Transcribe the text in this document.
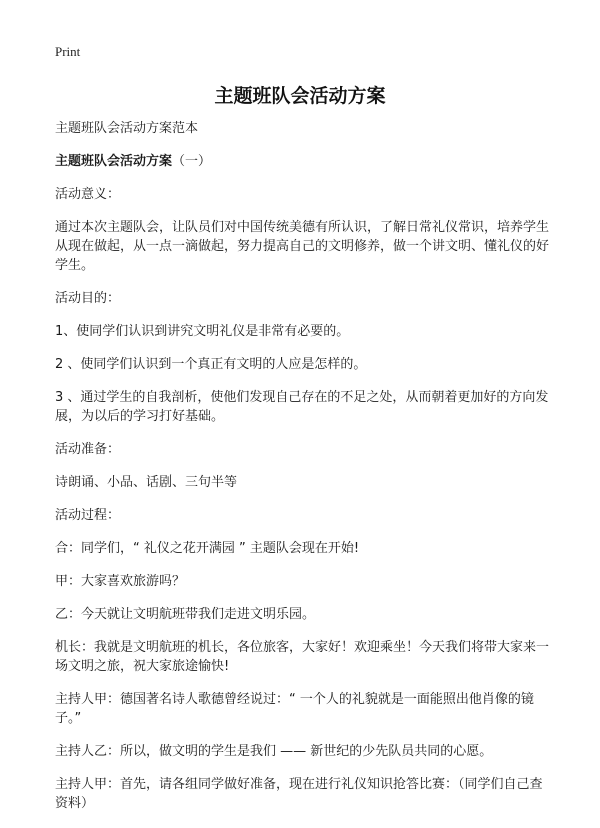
Print
主题班队会活动方案

主题班队会活动方案范本

主题班队会活动方案（一）

活动意义：

通过本次主题队会，让队员们对中国传统美德有所认识，了解日常礼仪常识，培养学生从现在做起，从一点一滴做起，努力提高自己的文明修养，做一个讲文明、懂礼仪的好学生。

活动目的：

1、使同学们认识到讲究文明礼仪是非常有必要的。

2 、使同学们认识到一个真正有文明的人应是怎样的。

3 、通过学生的自我剖析，使他们发现自己存在的不足之处，从而朝着更加好的方向发展，为以后的学习打好基础。

活动准备：

诗朗诵、小品、话剧、三句半等

活动过程：

合：同学们，“ 礼仪之花开满园 ” 主题队会现在开始!

甲：大家喜欢旅游吗？

乙：今天就让文明航班带我们走进文明乐园。

机长：我就是文明航班的机长，各位旅客，大家好！欢迎乘坐！今天我们将带大家来一场文明之旅，祝大家旅途愉快!

主持人甲：德国著名诗人歌德曾经说过：“ 一个人的礼貌就是一面能照出他肖像的镜子。”

主持人乙：所以，做文明的学生是我们 —— 新世纪的少先队员共同的心愿。

主持人甲：首先，请各组同学做好准备，现在进行礼仪知识抢答比赛：（同学们自己查资料）
